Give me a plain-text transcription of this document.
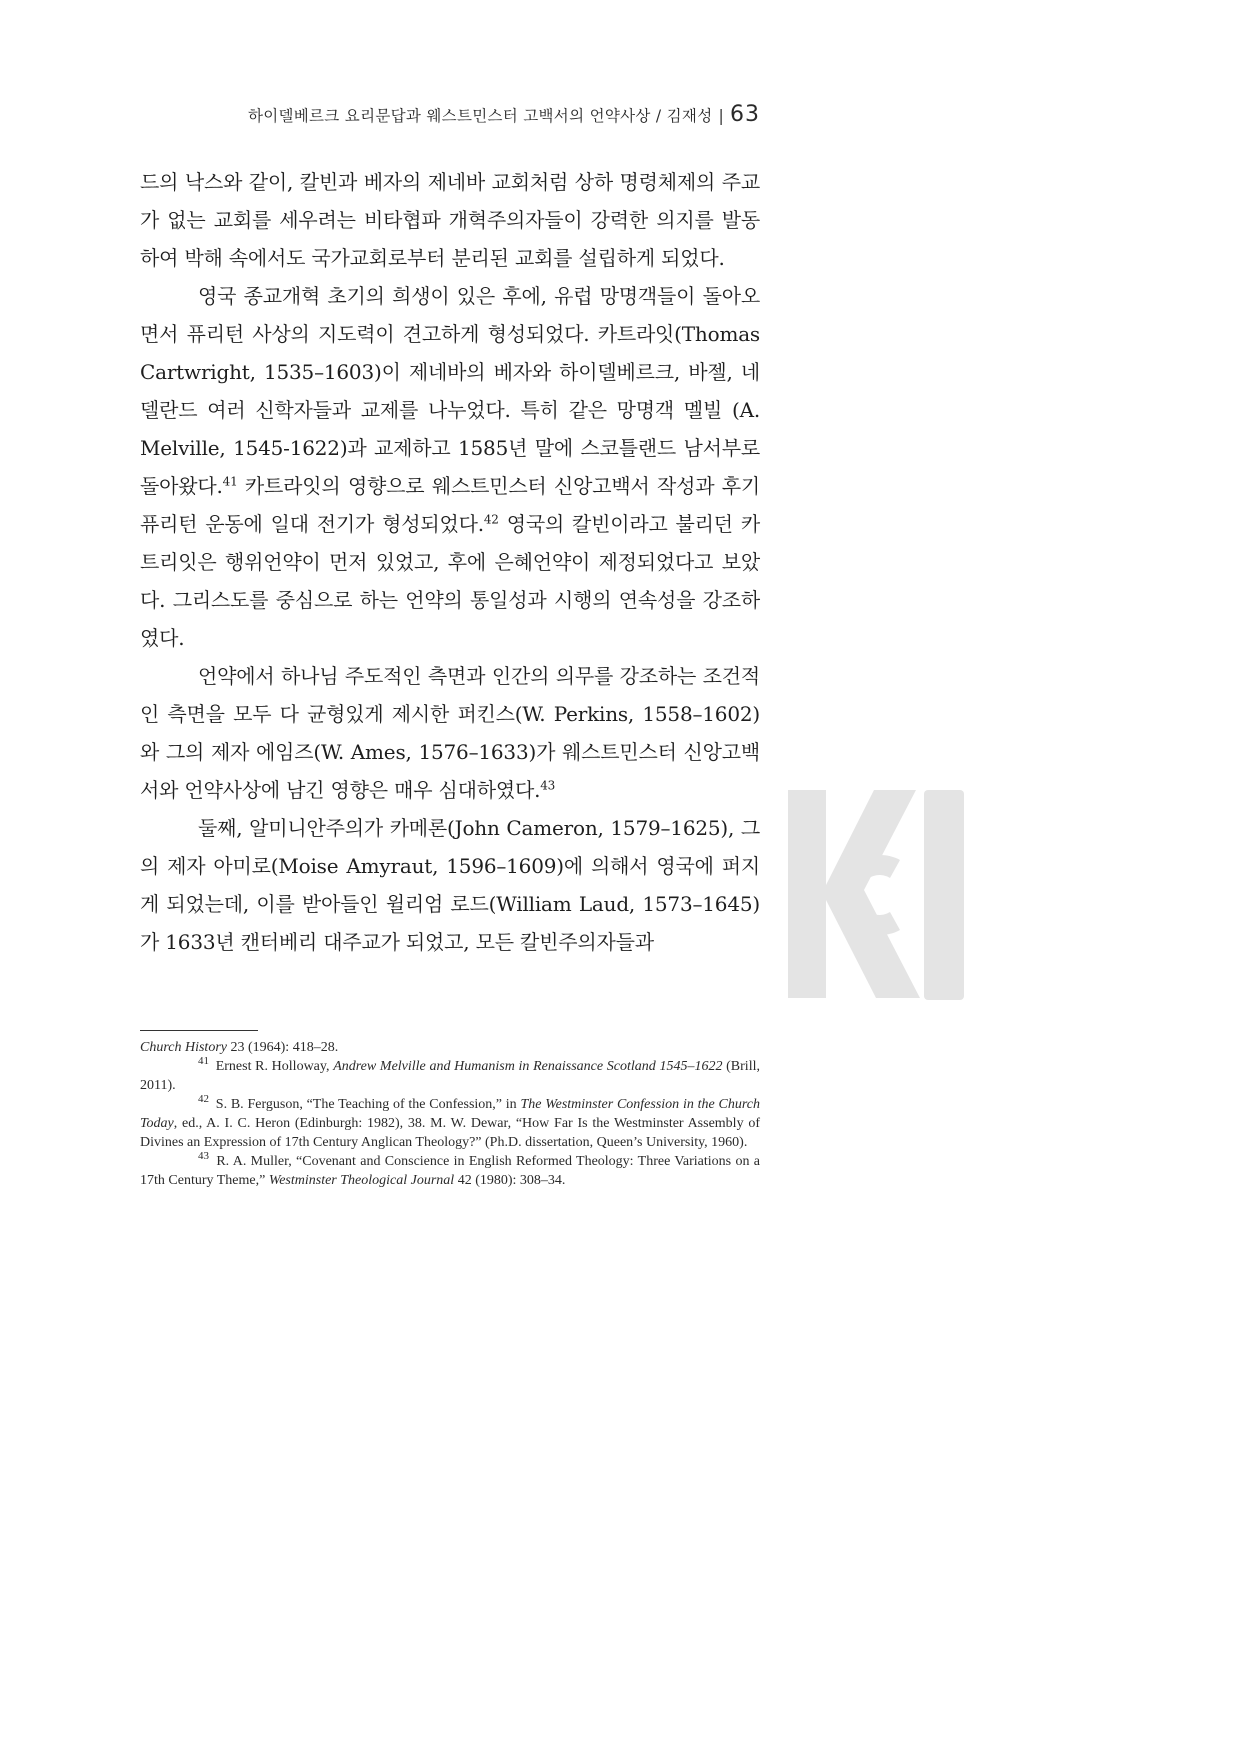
KCI
하이델베르크 요리문답과 웨스트민스터 고백서의 언약사상 / 김재성 | 63

드의 낙스와 같이, 칼빈과 베자의 제네바 교회처럼 상하 명령체제의 주교가 없는 교회를 세우려는 비타협파 개혁주의자들이 강력한 의지를 발동하여 박해 속에서도 국가교회로부터 분리된 교회를 설립하게 되었다.

영국 종교개혁 초기의 희생이 있은 후에, 유럽 망명객들이 돌아오면서 퓨리턴 사상의 지도력이 견고하게 형성되었다. 카트라잇(Thomas Cartwright, 1535–1603)이 제네바의 베자와 하이델베르크, 바젤, 네델란드 여러 신학자들과 교제를 나누었다. 특히 같은 망명객 멜빌 (A. Melville, 1545-1622)과 교제하고 1585년 말에 스코틀랜드 남서부로 돌아왔다.$^{41}$ 카트라잇의 영향으로 웨스트민스터 신앙고백서 작성과 후기 퓨리턴 운동에 일대 전기가 형성되었다.$^{42}$ 영국의 칼빈이라고 불리던 카트리잇은 행위언약이 먼저 있었고, 후에 은혜언약이 제정되었다고 보았다. 그리스도를 중심으로 하는 언약의 통일성과 시행의 연속성을 강조하였다.

언약에서 하나님 주도적인 측면과 인간의 의무를 강조하는 조건적인 측면을 모두 다 균형있게 제시한 퍼킨스(W. Perkins, 1558–1602)와 그의 제자 에임즈(W. Ames, 1576–1633)가 웨스트민스터 신앙고백서와 언약사상에 남긴 영향은 매우 심대하였다.$^{43}$

둘째, 알미니안주의가 카메론(John Cameron, 1579–1625), 그의 제자 아미로(Moise Amyraut, 1596–1609)에 의해서 영국에 퍼지게 되었는데, 이를 받아들인 윌리엄 로드(William Laud, 1573–1645)가 1633년 캔터베리 대주교가 되었고, 모든 칼빈주의자들과

Church History 23 (1964): 418–28.

$^{41}$ Ernest R. Holloway, Andrew Melville and Humanism in Renaissance Scotland 1545–1622 (Brill, 2011).

$^{42}$ S. B. Ferguson, “The Teaching of the Confession,” in The Westminster Confession in the Church Today, ed., A. I. C. Heron (Edinburgh: 1982), 38. M. W. Dewar, “How Far Is the Westminster Assembly of Divines an Expression of 17th Century Anglican Theology?” (Ph.D. dissertation, Queen’s University, 1960).

$^{43}$ R. A. Muller, “Covenant and Conscience in English Reformed Theology: Three Variations on a 17th Century Theme,” Westminster Theological Journal 42 (1980): 308–34.
